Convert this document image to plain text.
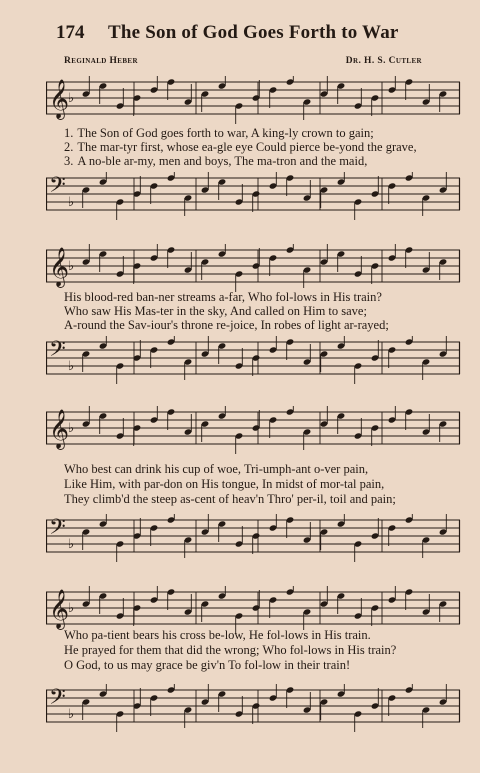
174 The Son of God Goes Forth to War
Reginald Heber	Dr. H. S. Cutler
𝄞
♭
1. The Son of God goes forth to war, A king-ly crown to gain;
2. The mar-tyr first, whose ea-gle eye Could pierce be-yond the grave,
3. A no-ble ar-my, men and boys, The ma-tron and the maid,
𝄢 ♭
𝄞
♭
His blood-red ban-ner streams a-far, Who fol-lows in His train?
Who saw His Mas-ter in the sky, And called on Him to save;
A-round the Sav-iour's throne re-joice, In robes of light ar-rayed;
𝄢 ♭
𝄞
♭
Who best can drink his cup of woe, Tri-umph-ant o-ver pain,
Like Him, with par-don on His tongue, In midst of mor-tal pain,
They climb'd the steep as-cent of heav'n Thro' per-il, toil and pain;
𝄢 ♭
𝄞
♭
Who pa-tient bears his cross be-low, He fol-lows in His train.
He prayed for them that did the wrong; Who fol-lows in His train?
O God, to us may grace be giv'n To fol-low in their train!
𝄢 ♭
